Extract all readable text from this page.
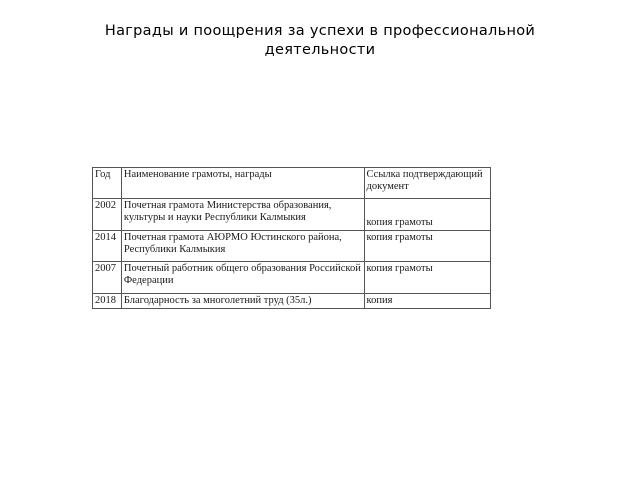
Награды и поощрения за успехи в профессиональной деятельности
Год	Наименование грамоты, награды	Ссылка подтверждающий документ
2002	Почетная грамота Министерства образования, культуры и науки Республики Калмыкия	копия грамоты
2014	Почетная грамота АЮРМО Юстинского района, Республики Калмыкия	копия грамоты
2007	Почетный работник общего образования Российской Федерации	копия грамоты
2018	Благодарность за многолетний труд (35л.)	копия
